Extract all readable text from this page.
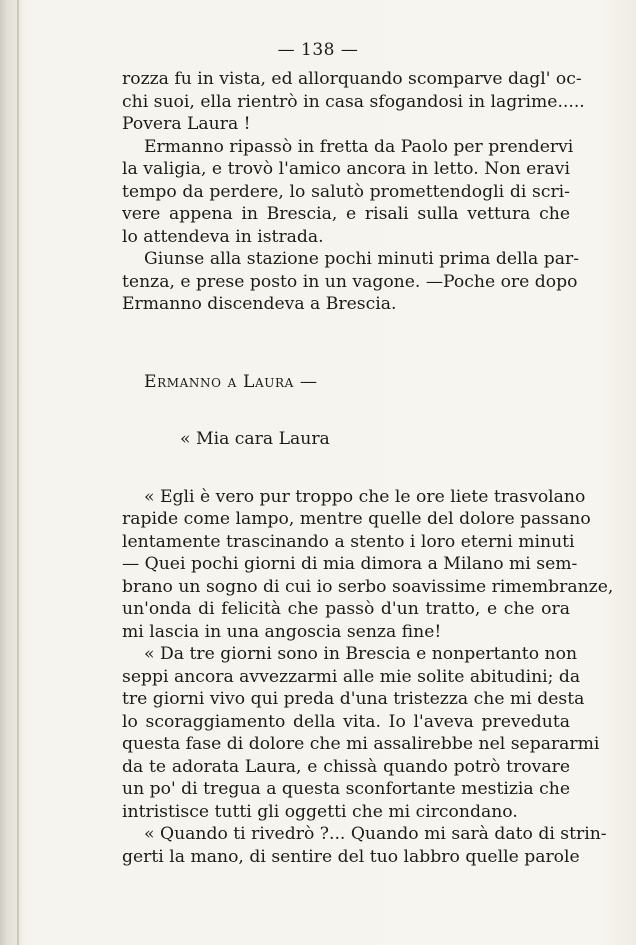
— 138 —
rozza fu in vista, ed allorquando scomparve dagl' oc-
chi suoi, ella rientrò in casa sfogandosi in lagrime.....
Povera Laura !
Ermanno ripassò in fretta da Paolo per prendervi
la valigia, e trovò l'amico ancora in letto. Non eravi
tempo da perdere, lo salutò promettendogli di scri-
vere appena in Brescia, e risali sulla vettura che
lo attendeva in istrada.
Giunse alla stazione pochi minuti prima della par-
tenza, e prese posto in un vagone. —Poche ore dopo
Ermanno discendeva a Brescia.
Ermanno a Laura —
« Mia cara Laura
« Egli è vero pur troppo che le ore liete trasvolano
rapide come lampo, mentre quelle del dolore passano
lentamente trascinando a stento i loro eterni minuti
— Quei pochi giorni di mia dimora a Milano mi sem-
brano un sogno di cui io serbo soavissime rimembranze,
un'onda di felicità che passò d'un tratto, e che ora
mi lascia in una angoscia senza fine!
« Da tre giorni sono in Brescia e nonpertanto non
seppi ancora avvezzarmi alle mie solite abitudini; da
tre giorni vivo qui preda d'una tristezza che mi desta
lo scoraggiamento della vita. Io l'aveva preveduta
questa fase di dolore che mi assalirebbe nel separarmi
da te adorata Laura, e chissà quando potrò trovare
un po' di tregua a questa sconfortante mestizia che
intristisce tutti gli oggetti che mi circondano.
« Quando ti rivedrò ?... Quando mi sarà dato di strin-
gerti la mano, di sentire del tuo labbro quelle parole
